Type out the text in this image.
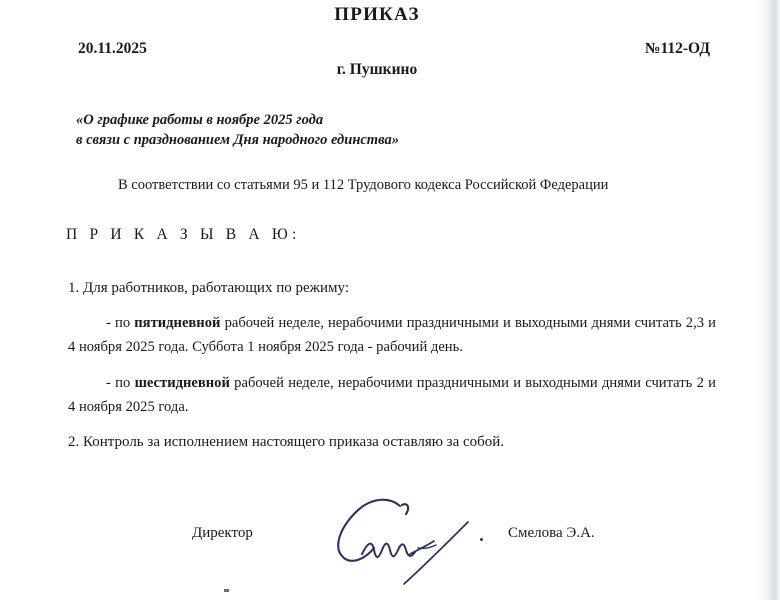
ПРИКАЗ
20.11.2025	№112-ОД
г. Пушкино
«О графике работы в ноябре 2025 года
в связи с празднованием Дня народного единства»
В соответствии со статьями 95 и 112 Трудового кодекса Российской Федерации
П Р И К А З Ы В А Ю:
1. Для работников, работающих по режиму:
- по пятидневной рабочей неделе, нерабочими праздничными и выходными днями считать 2,3 и 4 ноября 2025 года. Суббота 1 ноября 2025 года - рабочий день.
- по шестидневной рабочей неделе, нерабочими праздничными и выходными днями считать 2 и 4 ноября 2025 года.
2. Контроль за исполнением настоящего приказа оставляю за собой.
Директор	Смелова Э.А.
